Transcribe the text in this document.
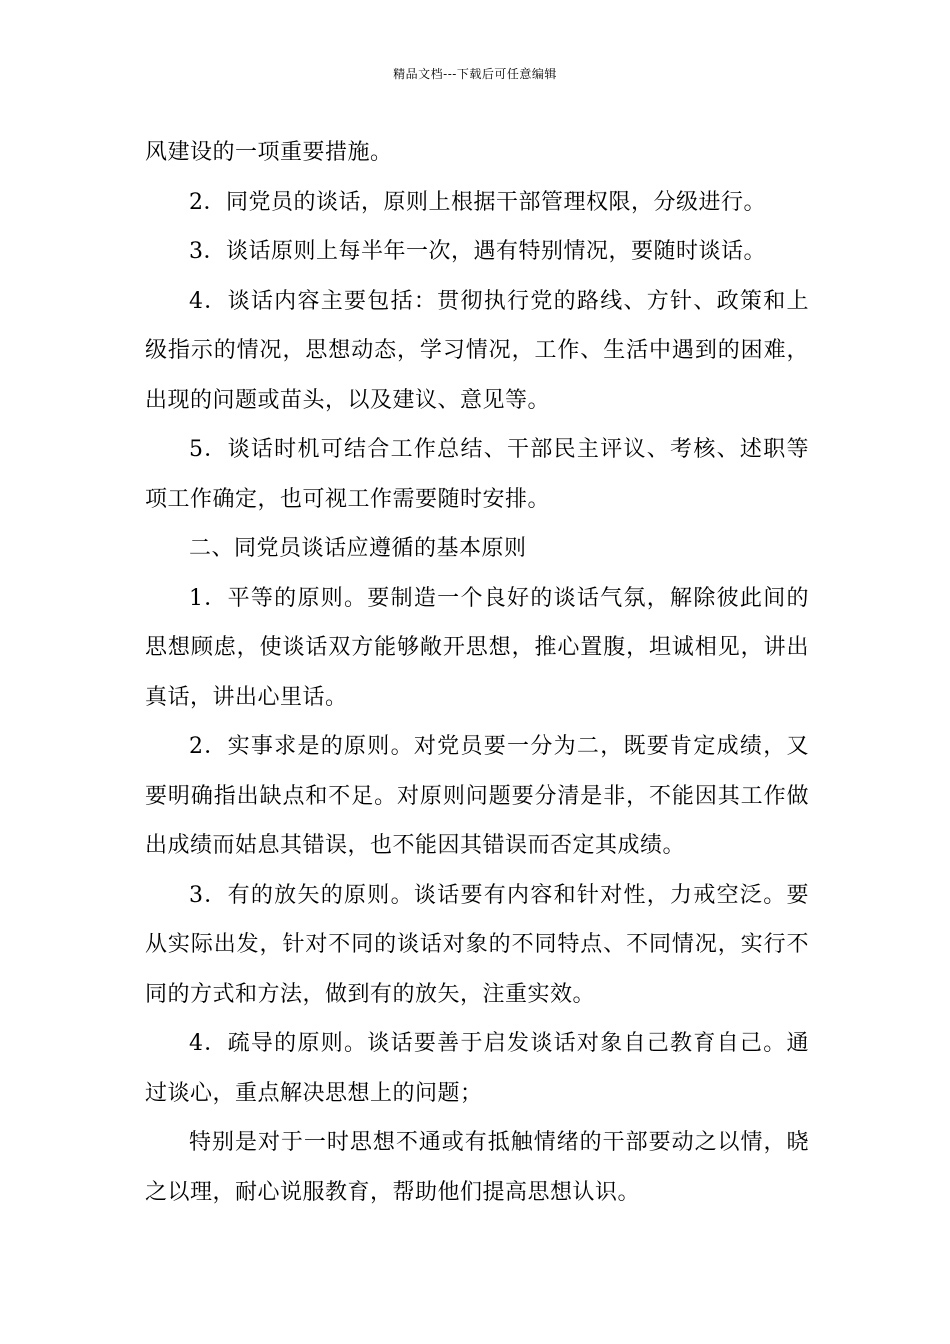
精品文档---下载后可任意编辑

风建设的一项重要措施。

2．同党员的谈话，原则上根据干部管理权限，分级进行。

3．谈话原则上每半年一次，遇有特别情况，要随时谈话。

4．谈话内容主要包括：贯彻执行党的路线、方针、政策和上级指示的情况，思想动态，学习情况，工作、生活中遇到的困难，出现的问题或苗头，以及建议、意见等。

5．谈话时机可结合工作总结、干部民主评议、考核、述职等项工作确定，也可视工作需要随时安排。

二、同党员谈话应遵循的基本原则

1．平等的原则。要制造一个良好的谈话气氛，解除彼此间的思想顾虑，使谈话双方能够敞开思想，推心置腹，坦诚相见，讲出真话，讲出心里话。

2．实事求是的原则。对党员要一分为二，既要肯定成绩，又要明确指出缺点和不足。对原则问题要分清是非，不能因其工作做出成绩而姑息其错误，也不能因其错误而否定其成绩。

3．有的放矢的原则。谈话要有内容和针对性，力戒空泛。要从实际出发，针对不同的谈话对象的不同特点、不同情况，实行不同的方式和方法，做到有的放矢，注重实效。

4．疏导的原则。谈话要善于启发谈话对象自己教育自己。通过谈心，重点解决思想上的问题；

特别是对于一时思想不通或有抵触情绪的干部要动之以情，晓之以理，耐心说服教育，帮助他们提高思想认识。
